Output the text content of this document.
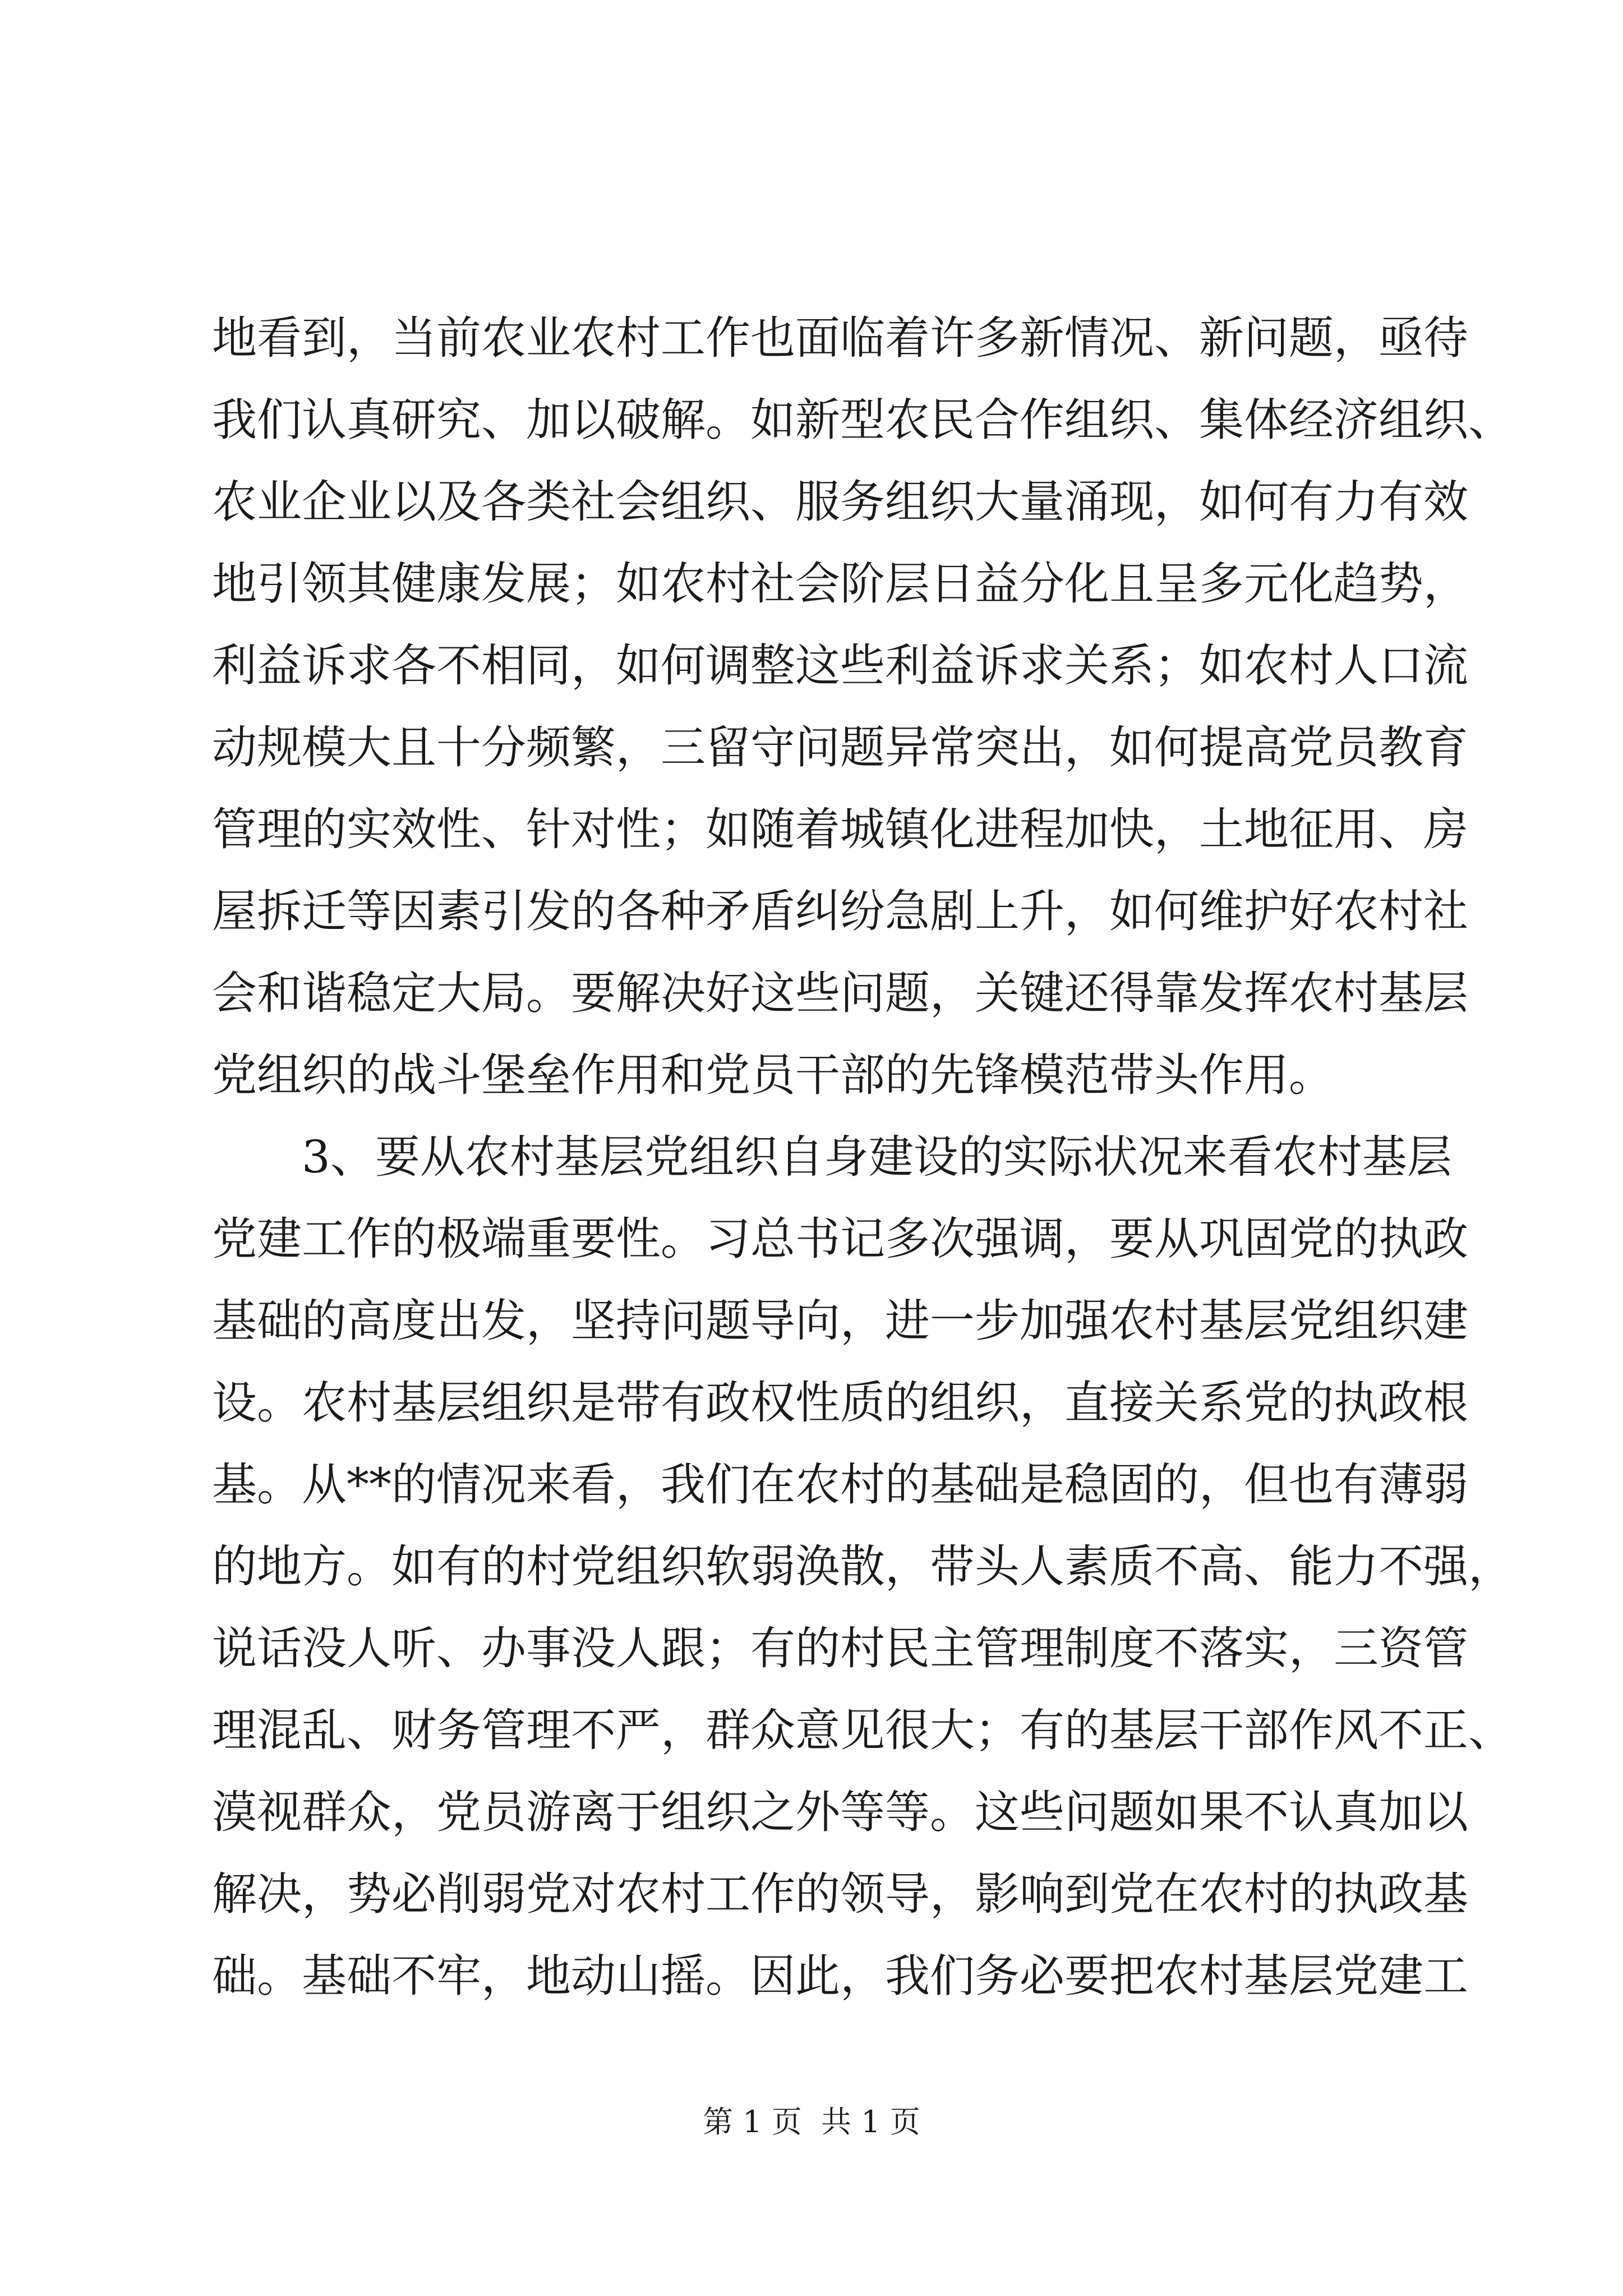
地看到，当前农业农村工作也面临着许多新情况、新问题，亟待
我们认真研究、加以破解。如新型农民合作组织、集体经济组织、
农业企业以及各类社会组织、服务组织大量涌现，如何有力有效
地引领其健康发展；如农村社会阶层日益分化且呈多元化趋势，
利益诉求各不相同，如何调整这些利益诉求关系；如农村人口流
动规模大且十分频繁，三留守问题异常突出，如何提高党员教育
管理的实效性、针对性；如随着城镇化进程加快，土地征用、房
屋拆迁等因素引发的各种矛盾纠纷急剧上升，如何维护好农村社
会和谐稳定大局。要解决好这些问题，关键还得靠发挥农村基层
党组织的战斗堡垒作用和党员干部的先锋模范带头作用。
3、要从农村基层党组织自身建设的实际状况来看农村基层
党建工作的极端重要性。习总书记多次强调，要从巩固党的执政
基础的高度出发，坚持问题导向，进一步加强农村基层党组织建
设。农村基层组织是带有政权性质的组织，直接关系党的执政根
基。从**的情况来看，我们在农村的基础是稳固的，但也有薄弱
的地方。如有的村党组织软弱涣散，带头人素质不高、能力不强，
说话没人听、办事没人跟；有的村民主管理制度不落实，三资管
理混乱、财务管理不严，群众意见很大；有的基层干部作风不正、
漠视群众，党员游离于组织之外等等。这些问题如果不认真加以
解决，势必削弱党对农村工作的领导，影响到党在农村的执政基
础。基础不牢，地动山摇。因此，我们务必要把农村基层党建工
第 1 页  共 1 页
